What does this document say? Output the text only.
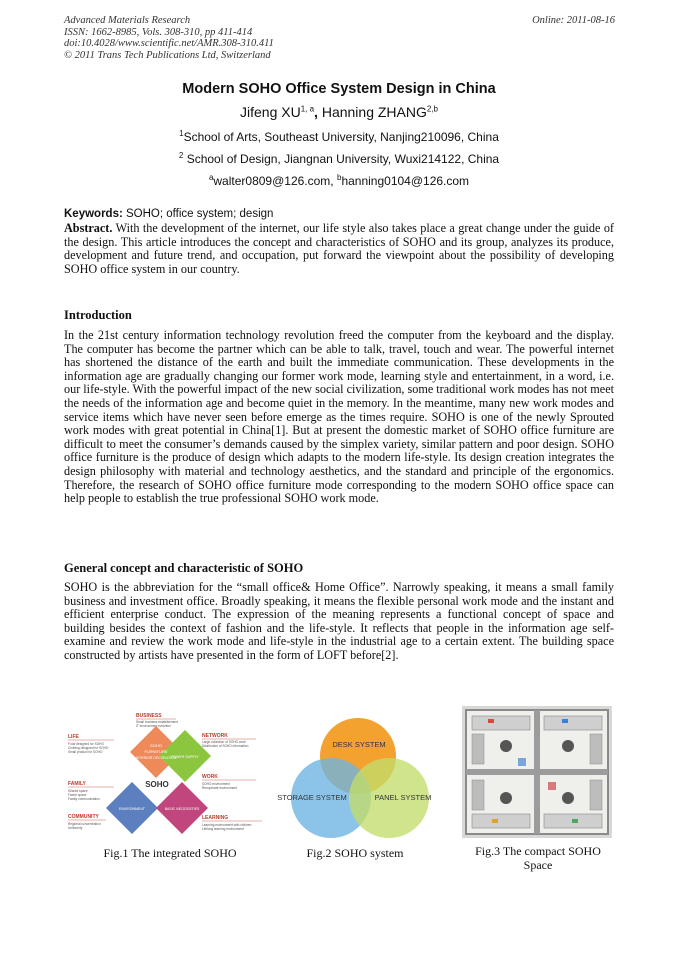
Advanced Materials Research
ISSN: 1662-8985, Vols. 308-310, pp 411-414
doi:10.4028/www.scientific.net/AMR.308-310.411
© 2011 Trans Tech Publications Ltd, Switzerland
Online: 2011-08-16
Modern SOHO Office System Design in China
Jifeng XU$^{1, a}$, Hanning ZHANG$^{2,b}$
$^1$School of Arts, Southeast University, Nanjing210096, China
$^2$ School of Design, Jiangnan University, Wuxi214122, China
$^a$walter0809@126.com, $^b$hanning0104@126.com
Keywords: SOHO; office system; design
Abstract. With the development of the internet, our life style also takes place a great change under the guide of the design. This article introduces the concept and characteristics of SOHO and its group, analyzes its produce, development and future trend, and occupation, put forward the viewpoint about the possibility of developing SOHO office system in our country.
Introduction
In the 21st century information technology revolution freed the computer from the keyboard and the display. The computer has become the partner which can be able to talk, travel, touch and wear. The powerful internet has shortened the distance of the earth and built the immediate communication. These developments in the information age are gradually changing our former work mode, learning style and entertainment, in a word, i.e. our life-style. With the powerful impact of the new social civilization, some traditional work modes has not meet the needs of the information age and become quiet in the memory. In the meantime, many new work modes and service items which have never seen before emerge as the times require. SOHO is one of the newly Sprouted work modes with great potential in China[1]. But at present the domestic market of SOHO office furniture are difficult to meet the consumer’s demands caused by the simplex variety, similar pattern and poor design. SOHO office furniture is the produce of design which adapts to the modern life-style. Its design creation integrates the design philosophy with material and technology aesthetics, and the standard and principle of the ergonomics. Therefore, the research of SOHO office furniture mode corresponding to the modern SOHO office space can help people to establish the true professional SOHO work mode.
General concept and characteristic of SOHO
SOHO is the abbreviation for the “small office& Home Office”. Narrowly speaking, it means a small family business and investment office. Broadly speaking, it means the flexible personal work mode and the instant and efficient enterprise conduct. The expression of the meaning represents a functional concept of space and building besides the context of fashion and the life-style. It reflects that people in the information age self-examine and review the work mode and life-style in the industrial age to a certain extent. The building space constructed by artists have presented in the form of LOFT before[2].
SOHO
FURNITURE
INTERIOR DECORATION
POWER SUPPLY
ENVIRONMENT	BASIC NECESSITIES
SOHO
BUSINESS
Small business establishment
IT environment evolution
LIFE
Food designed for SOHO
Clothing designed for SOHO
Small product for SOHO
NETWORK
Large collection of SOHO work
Distribution of SOHO information
FAMILY
Shared space
Factor space
Family communication
WORK
SOHO environment
Recuperate environment
COMMUNITY
Regional concentration
Uniformity
LEARNING
Learning environment with children
Lifelong learning environment
Fig.1 The integrated SOHO
DESK SYSTEM
STORAGE SYSTEM	PANEL SYSTEM
Fig.2 SOHO system	Fig.3 The compact SOHO
Space
